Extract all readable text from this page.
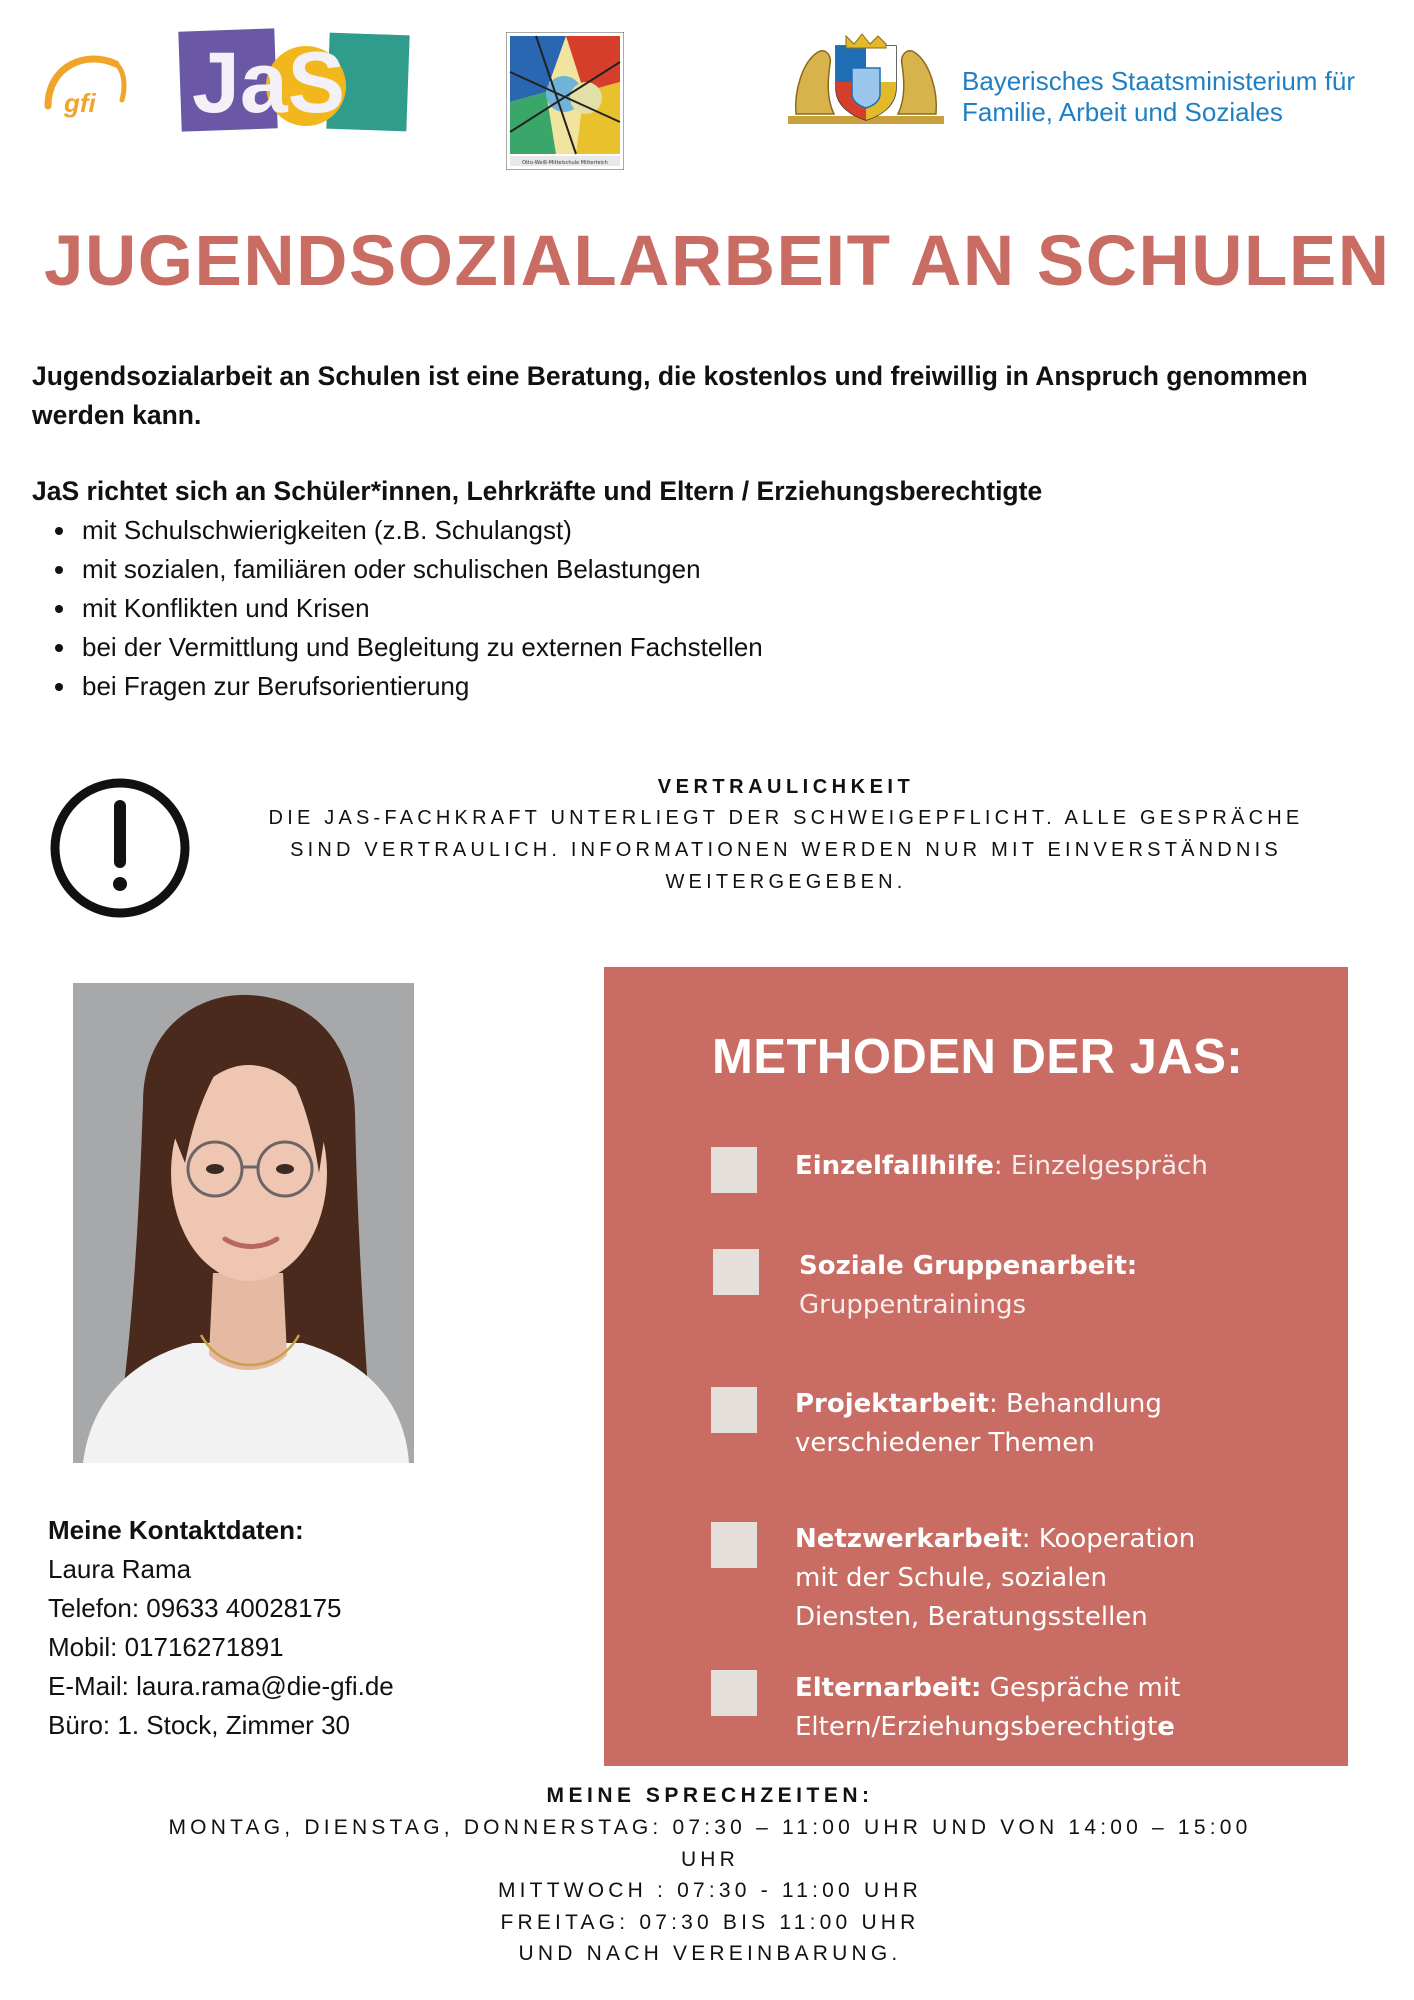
gfi JaS
Otto-Weiß-Mittelschule Mitterteich
Bayerisches Staatsministerium für
Familie, Arbeit und Soziales
JUGENDSOZIALARBEIT AN SCHULEN
Jugendsozialarbeit an Schulen ist eine Beratung, die kostenlos und freiwillig in Anspruch genommen werden kann.
JaS richtet sich an Schüler*innen, Lehrkräfte und Eltern / Erziehungsberechtigte
• mit Schulschwierigkeiten (z.B. Schulangst)
• mit sozialen, familiären oder schulischen Belastungen
• mit Konflikten und Krisen
• bei der Vermittlung und Begleitung zu externen Fachstellen
• bei Fragen zur Berufsorientierung
VERTRAULICHKEIT
DIE JAS-FACHKRAFT UNTERLIEGT DER SCHWEIGEPFLICHT. ALLE GESPRÄCHE SIND VERTRAULICH. INFORMATIONEN WERDEN NUR MIT EINVERSTÄNDNIS WEITERGEGEBEN.
Meine Kontaktdaten:
Laura Rama
Telefon: 09633 40028175
Mobil: 01716271891
E-Mail: laura.rama@die-gfi.de
Büro: 1. Stock, Zimmer 30
METHODEN DER JAS:
Einzelfallhilfe: Einzelgespräch
Soziale Gruppenarbeit:
Gruppentrainings
Projektarbeit: Behandlung verschiedener Themen
Netzwerkarbeit: Kooperation mit der Schule, sozialen Diensten, Beratungsstellen
Elternarbeit: Gespräche mit Eltern/Erziehungsberechtigte
MEINE SPRECHZEITEN:
MONTAG, DIENSTAG, DONNERSTAG: 07:30 – 11:00 UHR UND VON 14:00 – 15:00 UHR
MITTWOCH : 07:30 - 11:00 UHR
FREITAG: 07:30 BIS 11:00 UHR
UND NACH VEREINBARUNG.
